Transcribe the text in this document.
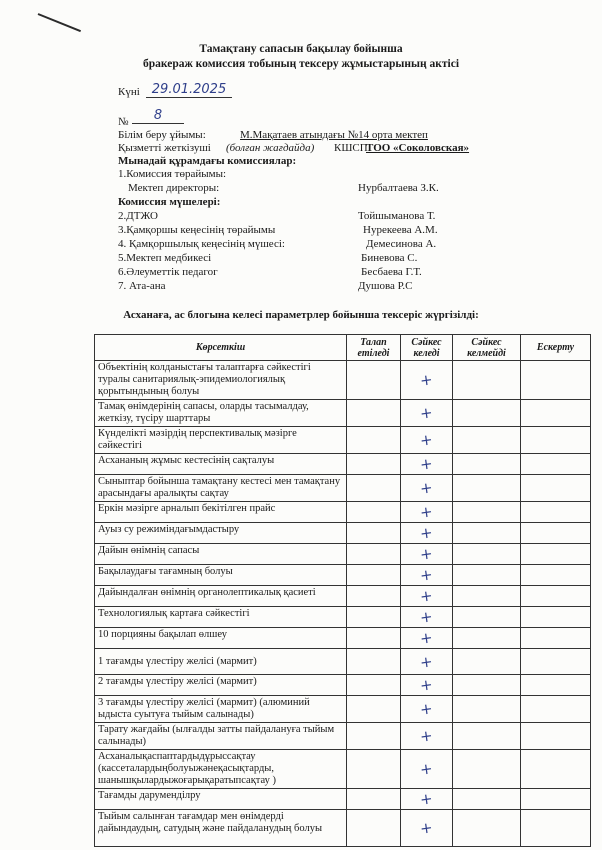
Тамақтану сапасын бақылау бойынша
бракераж комиссия тобының тексеру жұмыстарының актісі
Күні 29.01.2025
№	8
Білім беру ұйымы:	М.Мақатаев атындағы №14 орта мектеп
Қызметті жеткізуші (болған жағдайда) КШСП
ТОО «Соколовская»
Мынадай құрамдағы комиссиялар:
1.Комиссия төрайымы:
Мектеп директоры:	Нурбалтаева З.К.
Комиссия мүшелері:
2.ДТЖО	Тойшыманова Т.
3.Қамқоршы кеңесінің төрайымы	Нурекеева А.М.
4. Қамқоршылық кеңесінің мүшесі:	Демесинова А.
5.Мектеп медбикесі	Биневова С.
6.Әлеуметтік педагог	Бесбаева Г.Т.
7. Ата-ана	Душова Р.С
Асханаға, ас блогына келесі параметрлер бойынша тексеріс жүргізілді:
Көрсеткіш	Талап етіледі	Сәйкес келеді	Сәйкес келмейді	Ескерту
Объектінің колданыстағы талаптарға сәйкестігі туралы санитариялық-эпидемиологиялық қорытындының болуы		+		
Тамақ өнімдерінің сапасы, оларды тасымалдау, жеткізу, түсіру шарттары		+		
Күнделікті мәзірдің перспективалық мәзірге сәйкестігі		+		
Асхананың жұмыс кестесінің сақталуы		+		
Сыныптар бойынша тамақтану кестесі мен тамақтану арасындағы аралықты сақтау		+		
Еркін мәзірге арналып бекітілген прайс		+		
Ауыз су режиміндағымдастыру		+		
Дайын өнімнің сапасы		+		
Бақылаудағы тағамның болуы		+		
Дайындалған өнімнің органолептикалық қасиеті		+		
Технологиялық картаға сәйкестігі		+		
10 порцияны бақылап өлшеу		+		
1 тағамды үлестіру желісі (мармит)		+		
2 тағамды үлестіру желісі (мармит)		+		
3 тағамды үлестіру желісі (мармит) (алюминий ыдыста суытуға тыйым салынады)		+		
Тарату жағдайы (ылғалды затты пайдалануға тыйым салынады)		+		
Асханалықаспаптардыдұрыссақтау (кассеталардыңболуыжәнеқасықтарды, шанышқылардыжоғарықаратыпсақтау )		+		
Тағамды даруменділру		+		
Тыйым салынған тағамдар мен өнімдерді дайындаудың, сатудың және пайдаланудың болуы		+		
